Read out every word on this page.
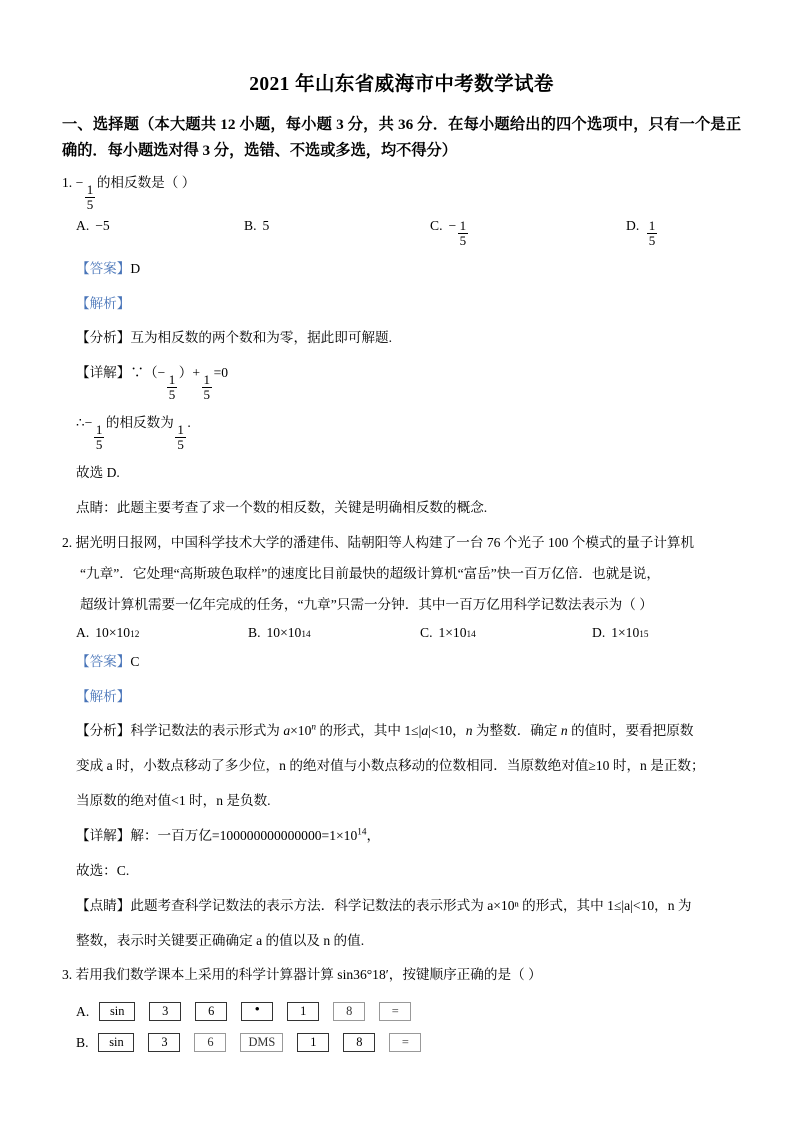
2021 年山东省威海市中考数学试卷
一、选择题（本大题共 12 小题，每小题 3 分，共 36 分．在每小题给出的四个选项中，只有一个是正确的．每小题选对得 3 分，选错、不选或多选，均不得分）
1. −
$\frac{1}{5}$
的相反数是（ ）
A. −5	B. 5	C. − $\frac{1}{5}$	D. $\frac{1}{5}$
【答案】D
【解析】
【分析】互为相反数的两个数和为零，据此即可解题.
【详解】∵（−
$\frac{1}{5}$
）+
$\frac{1}{5}$
=0
∴−
$\frac{1}{5}$
的相反数为
$\frac{1}{5}$
.
故选 D.
点睛：此题主要考查了求一个数的相反数，关键是明确相反数的概念.
2. 据光明日报网，中国科学技术大学的潘建伟、陆朝阳等人构建了一台 76 个光子 100 个模式的量子计算机
“九章”．它处理“高斯玻色取样”的速度比目前最快的超级计算机“富岳”快一百万亿倍．也就是说，
超级计算机需要一亿年完成的任务，“九章”只需一分钟．其中一百万亿用科学记数法表示为（ ）
A. 10×10 12	B. 10×10 14	C. 1×10 14	D. 1×10 15
【答案】C
【解析】
【分析】科学记数法的表示形式为 $a\times 10^n$ 的形式，其中 1≤|a|<10，n 为整数．确定 n 的值时，要看把原数
变成 a 时，小数点移动了多少位，n 的绝对值与小数点移动的位数相同．当原数绝对值≥10 时，n 是正数；
当原数的绝对值<1 时，n 是负数.
【详解】解：一百万亿$=100000000000000=1\times 10^{14}$，
故选：C.
【点睛】此题考查科学记数法的表示方法．科学记数法的表示形式为 a×10ⁿ 的形式，其中 1≤|a|<10，n 为
整数，表示时关键要正确确定 a 的值以及 n 的值.
3. 若用我们数学课本上采用的科学计算器计算 sin36°18′，按键顺序正确的是（ ）
A.	sin	3	6	•	1	8	=
B.	sin	3	6	DMS	1	8	=
